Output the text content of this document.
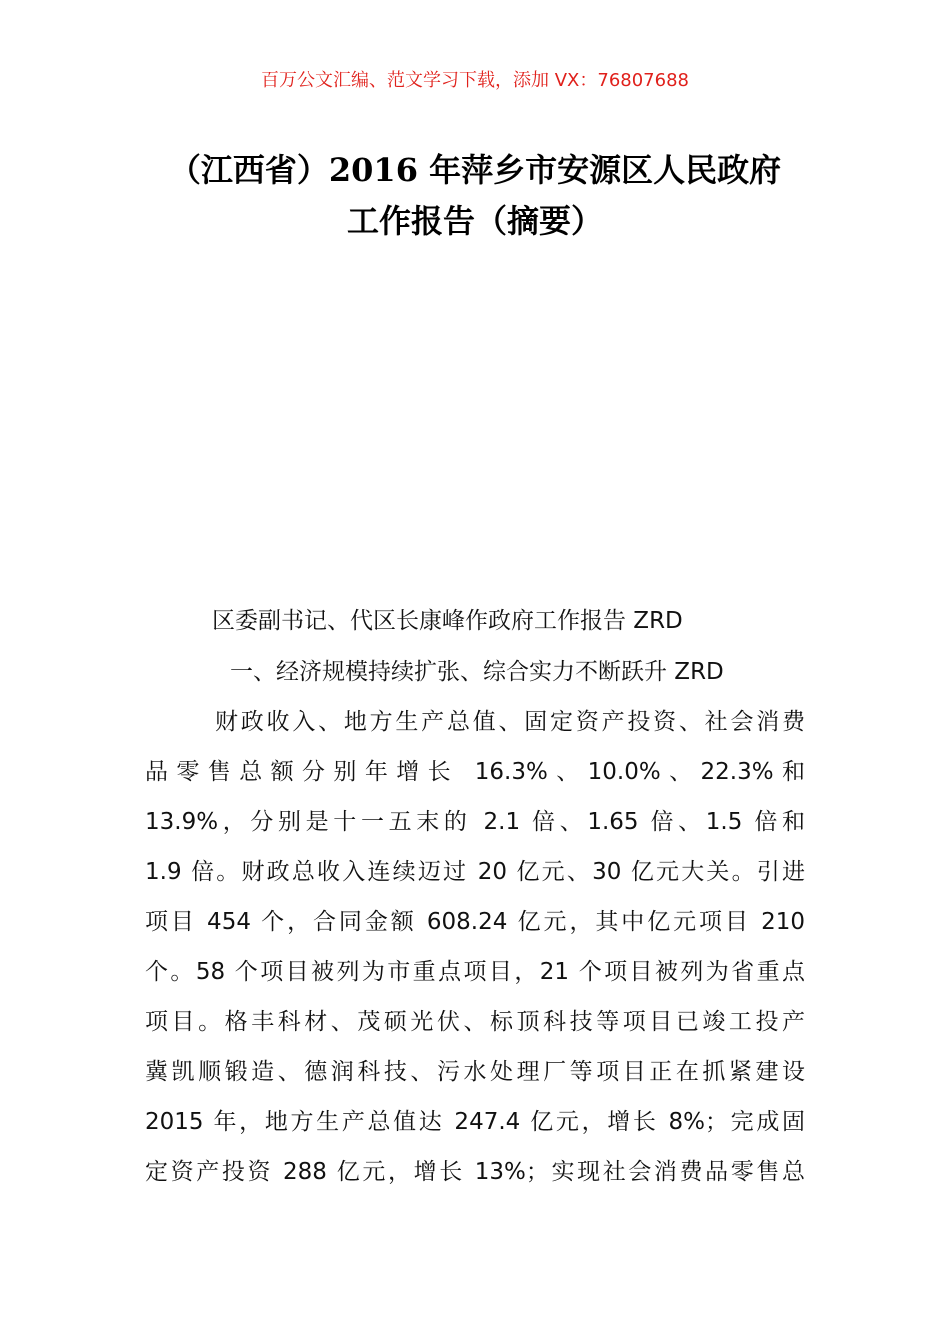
百万公文汇编、范文学习下载，添加 VX：76807688
（江西省）2016 年萍乡市安源区人民政府
工作报告（摘要）
区委副书记、代区长康峰作政府工作报告 ZRD
一、经济规模持续扩张、综合实力不断跃升 ZRD
财政收入、地方生产总值、固定资产投资、社会消费
品零售总额分别年增长 16.3%、10.0%、22.3%和
13.9%，分别是十一五末的 2.1 倍、1.65 倍、1.5 倍和
1.9 倍。财政总收入连续迈过 20 亿元、30 亿元大关。引进
项目 454 个，合同金额 608.24 亿元，其中亿元项目 210
个。58 个项目被列为市重点项目，21 个项目被列为省重点
项目。格丰科材、茂硕光伏、标顶科技等项目已竣工投产
冀凯顺锻造、德润科技、污水处理厂等项目正在抓紧建设
2015 年，地方生产总值达 247.4 亿元，增长 8%；完成固
定资产投资 288 亿元，增长 13%；实现社会消费品零售总
